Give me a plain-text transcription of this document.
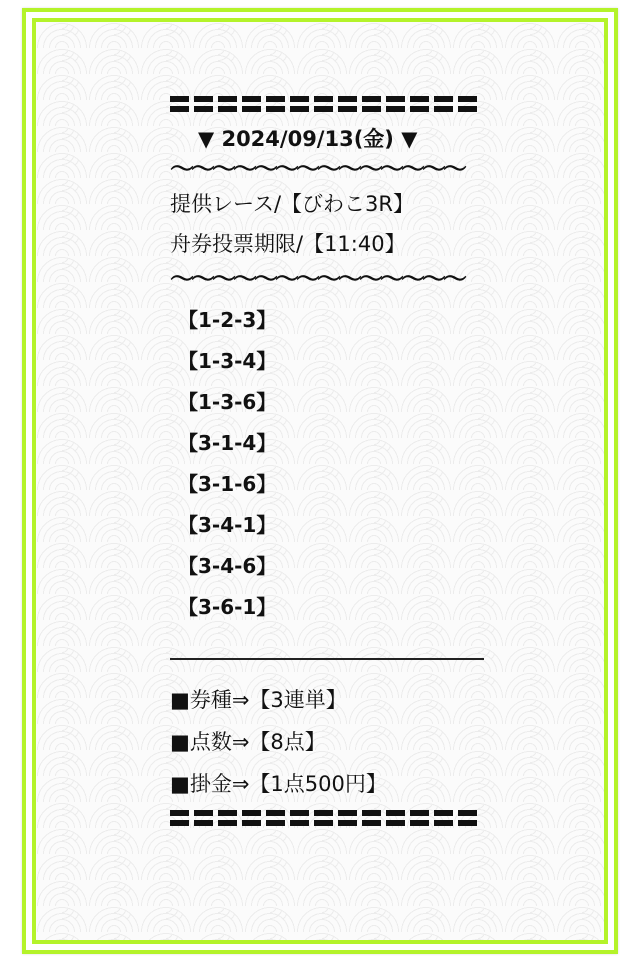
▼ 2024/09/13(金) ▼
〜〜〜〜〜〜〜〜〜〜〜〜〜〜
提供レース/【びわこ3R】
舟券投票期限/【11:40】
〜〜〜〜〜〜〜〜〜〜〜〜〜〜
【1-2-3】
【1-3-4】
【1-3-6】
【3-1-4】
【3-1-6】
【3-4-1】
【3-4-6】
【3-6-1】
■券種⇒【3連単】
■点数⇒【8点】
■掛金⇒【1点500円】
